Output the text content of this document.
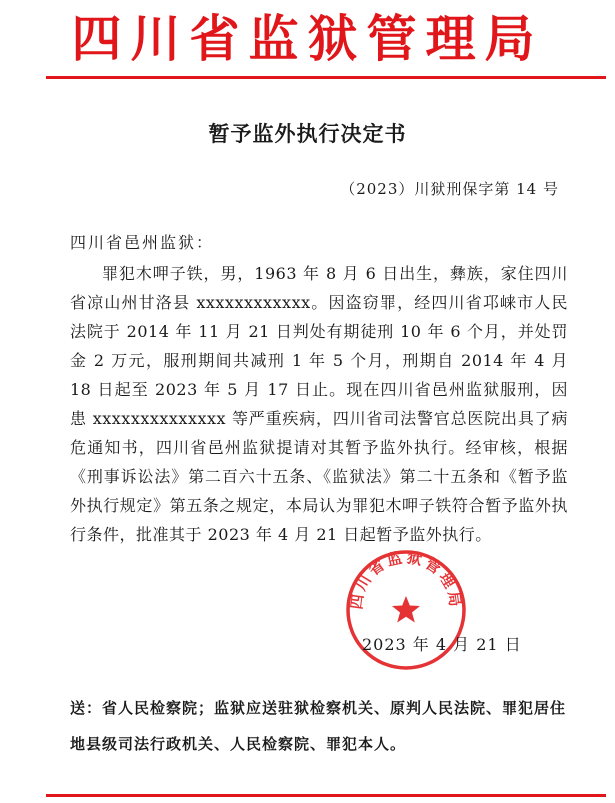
四川省监狱管理局
暂予监外执行决定书
（2023）川狱刑保字第 14 号
四川省邑州监狱：
罪犯木呷子铁，男，1963 年 8 月 6 日出生，彝族，家住四川省凉山州甘洛县 xxxxxxxxxxxx。因盗窃罪，经四川省邛崃市人民法院于 2014 年 11 月 21 日判处有期徒刑 10 年 6 个月，并处罚金 2 万元，服刑期间共减刑 1 年 5 个月，刑期自 2014 年 4 月 18 日起至 2023 年 5 月 17 日止。现在四川省邑州监狱服刑，因患 xxxxxxxxxxxxxx 等严重疾病，四川省司法警官总医院出具了病危通知书，四川省邑州监狱提请对其暂予监外执行。经审核，根据《刑事诉讼法》第二百六十五条、《监狱法》第二十五条和《暂予监外执行规定》第五条之规定，本局认为罪犯木呷子铁符合暂予监外执行条件，批准其于 2023 年 4 月 21 日起暂予监外执行。
四川省监狱管理局
2023 年 4 月 21 日
送：省人民检察院；监狱应送驻狱检察机关、原判人民法院、罪犯居住地县级司法行政机关、人民检察院、罪犯本人。
